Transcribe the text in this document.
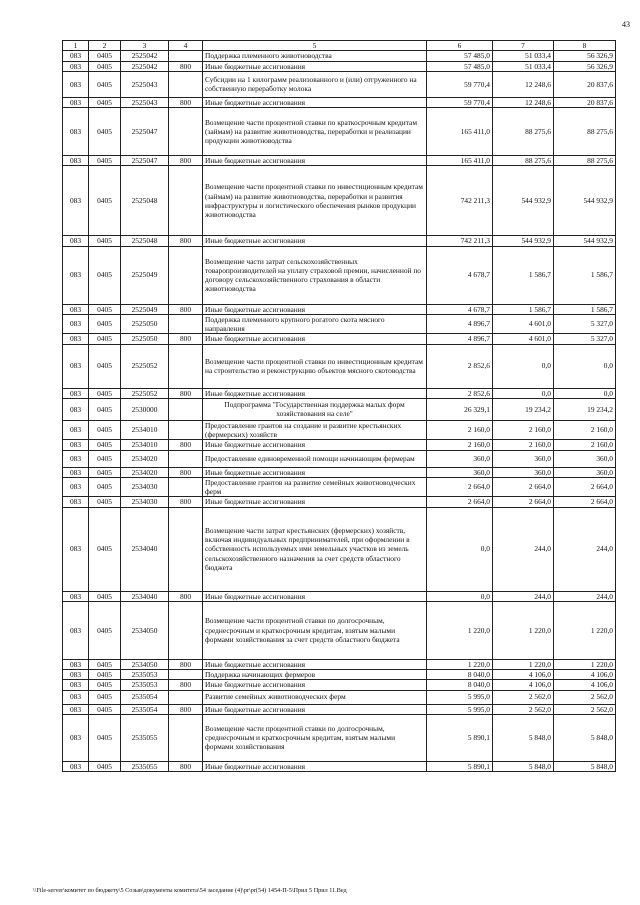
43
1	2	3	4	5	6	7	8
083	0405	2525042		Поддержка племенного животноводства	57 485,0	51 033,4	56 326,9
083	0405	2525042	800	Иные бюджетные ассигнования	57 485,0	51 033,4	56 326,9
083	0405	2525043		Субсидии на 1 килограмм реализованного и (или) отгруженного на собственную переработку молока	59 770,4	12 248,6	20 837,6
083	0405	2525043	800	Иные бюджетные ассигнования	59 770,4	12 248,6	20 837,6
083	0405	2525047		Возмещение части процентной ставки по краткосрочным кредитам (займам) на развитие животноводства, переработки и реализации продукции животноводства	165 411,0	88 275,6	88 275,6
083	0405	2525047	800	Иные бюджетные ассигнования	165 411,0	88 275,6	88 275,6
083	0405	2525048		Возмещение части процентной ставки по инвестиционным кредитам (займам) на развитие животноводства, переработки и развития инфраструктуры и логистического обеспечения рынков продукции животноводства	742 211,3	544 932,9	544 932,9
083	0405	2525048	800	Иные бюджетные ассигнования	742 211,3	544 932,9	544 932,9
083	0405	2525049		Возмещение части затрат сельскохозяйственных товаропроизводителей на уплату страховой премии, начисленной по договору сельскохозяйственного страхования в области животноводства	4 678,7	1 586,7	1 586,7
083	0405	2525049	800	Иные бюджетные ассигнования	4 678,7	1 586,7	1 586,7
083	0405	2525050		Поддержка племенного крупного рогатого скота мясного направления	4 896,7	4 601,0	5 327,0
083	0405	2525050	800	Иные бюджетные ассигнования	4 896,7	4 601,0	5 327,0
083	0405	2525052		Возмещение части процентной ставки по инвестиционным кредитам на строительство и реконструкцию объектов мясного скотоводства	2 852,6	0,0	0,0
083	0405	2525052	800	Иные бюджетные ассигнования	2 852,6	0,0	0,0
083	0405	2530000		Подпрограмма "Государственная поддержка малых форм хозяйствования на селе"	26 329,1	19 234,2	19 234,2
083	0405	2534010		Предоставление грантов на создание и развитие крестьянских (фермерских) хозяйств	2 160,0	2 160,0	2 160,0
083	0405	2534010	800	Иные бюджетные ассигнования	2 160,0	2 160,0	2 160,0
083	0405	2534020		Предоставление единовременной помощи начинающим фермерам	360,0	360,0	360,0
083	0405	2534020	800	Иные бюджетные ассигнования	360,0	360,0	360,0
083	0405	2534030		Предоставление грантов на развитие семейных животноводческих ферм	2 664,0	2 664,0	2 664,0
083	0405	2534030	800	Иные бюджетные ассигнования	2 664,0	2 664,0	2 664,0
083	0405	2534040		Возмещение части затрат крестьянских (фермерских) хозяйств, включая индивидуальных предпринимателей, при оформлении в собственность используемых ими земельных участков из земель сельскохозяйственного назначения за счет средств областного бюджета	0,0	244,0	244,0
083	0405	2534040	800	Иные бюджетные ассигнования	0,0	244,0	244,0
083	0405	2534050		Возмещение части процентной ставки по долгосрочным, среднесрочным и краткосрочным кредитам, взятым малыми формами хозяйствования за счет средств областного бюджета	1 220,0	1 220,0	1 220,0
083	0405	2534050	800	Иные бюджетные ассигнования	1 220,0	1 220,0	1 220,0
083	0405	2535053		Поддержка начинающих фермеров	8 040,0	4 106,0	4 106,0
083	0405	2535053	800	Иные бюджетные ассигнования	8 040,0	4 106,0	4 106,0
083	0405	2535054		Развитие семейных животноводческих ферм	5 995,0	2 562,0	2 562,0
083	0405	2535054	800	Иные бюджетные ассигнования	5 995,0	2 562,0	2 562,0
083	0405	2535055		Возмещение части процентной ставки по долгосрочным, среднесрочным и краткосрочным кредитам, взятым малыми формами хозяйствования	5 890,1	5 848,0	5 848,0
083	0405	2535055	800	Иные бюджетные ассигнования	5 890,1	5 848,0	5 848,0
\\File-server\комитет по бюджету\5 Созыв\документы комитета\54 заседание (4)\pr\pr(54) 1454-П-5\Прил 5 Прил 11.Вед
